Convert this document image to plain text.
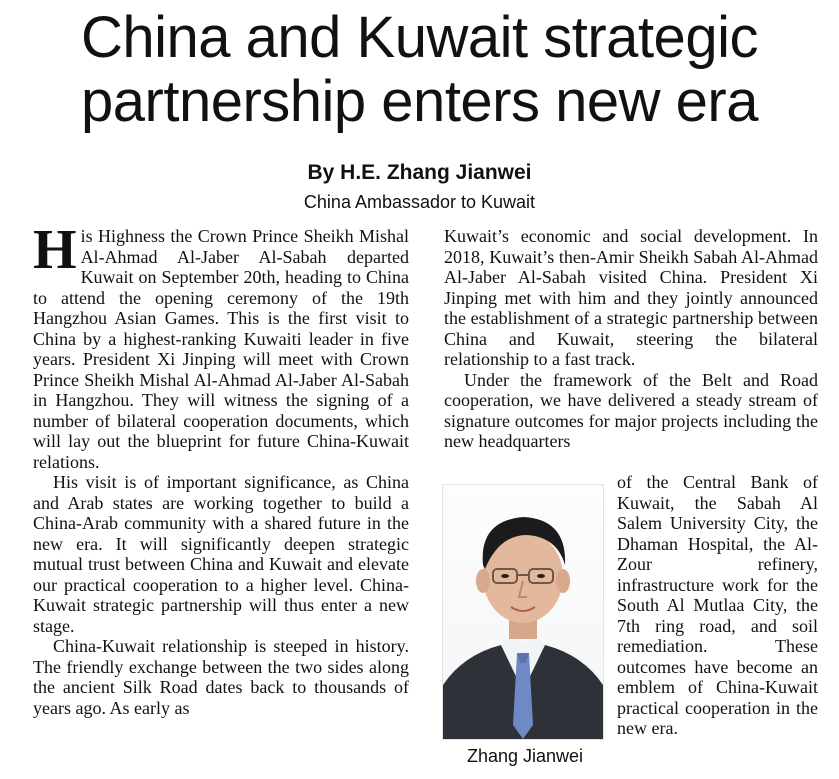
China and Kuwait strategic
partnership enters new era
By H.E. Zhang Jianwei
China Ambassador to Kuwait

His Highness the Crown Prince Sheikh Mishal Al-Ahmad Al-Jaber Al-Sabah departed Kuwait on September 20th, heading to China to attend the opening ceremony of the 19th Hangzhou Asian Games. This is the first visit to China by a highest-ranking Kuwaiti leader in five years. President Xi Jinping will meet with Crown Prince Sheikh Mishal Al-Ahmad Al-Jaber Al-Sabah in Hangzhou. They will witness the signing of a number of bilateral cooperation documents, which will lay out the blueprint for future China-Kuwait relations.

His visit is of important significance, as China and Arab states are working together to build a China-Arab community with a shared future in the new era. It will significantly deepen strategic mutual trust between China and Kuwait and elevate our practical cooperation to a higher level. China-Kuwait strategic partnership will thus enter a new stage.

China-Kuwait relationship is steeped in history. The friendly exchange between the two sides along the ancient Silk Road dates back to thousands of years ago. As early as

Kuwait’s economic and social development. In 2018, Kuwait’s then-Amir Sheikh Sabah Al-Ahmad Al-Jaber Al-Sabah visited China. President Xi Jinping met with him and they jointly announced the establishment of a strategic partnership between China and Kuwait, steering the bilateral relationship to a fast track.

Under the framework of the Belt and Road cooperation, we have delivered a steady stream of signature outcomes for major projects including the new headquarters

Zhang Jianwei

of the Central Bank of Kuwait, the Sabah Al Salem University City, the Dhaman Hospital, the Al-Zour refinery, infrastructure work for the South Al Mutlaa City, the 7th ring road, and soil remediation. These outcomes have become an emblem of China-Kuwait practical cooperation in the new era.
